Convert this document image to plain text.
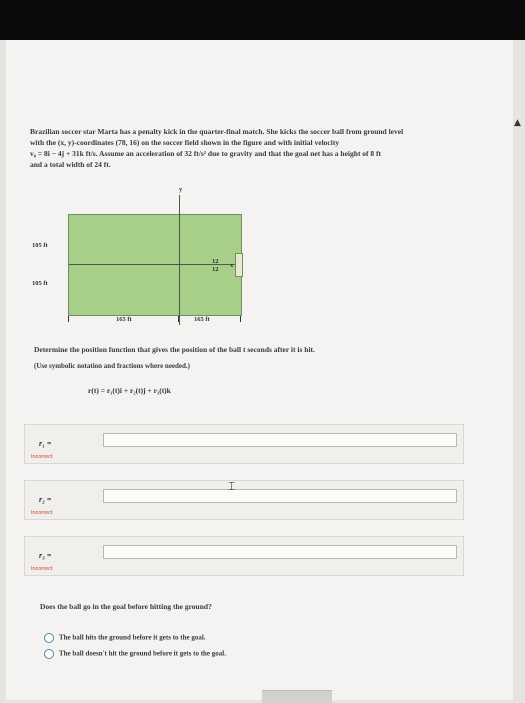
▲
Brazilian soccer star Marta has a penalty kick in the quarter-final match. She kicks the soccer ball from ground level
with the (x, y)-coordinates (78, 16) on the soccer field shown in the figure and with initial velocity
v₀ = 8i − 4j + 31k ft/s. Assume an acceleration of 32 ft/s² due to gravity and that the goal net has a height of 8 ft
and a total width of 24 ft.
y
105 ft
105 ft
12
12
x
165 ft	165 ft
Determine the position function that gives the position of the ball t seconds after it is hit.
(Use symbolic notation and fractions where needed.)
r(t) = r₁(t)i + r₂(t)j + r₃(t)k
r₁ =
Incorrect
r₂ =
Incorrect
r₃ =
Incorrect
⌶
Does the ball go in the goal before hitting the ground?
The ball hits the ground before it gets to the goal.
The ball doesn't hit the ground before it gets to the goal.
